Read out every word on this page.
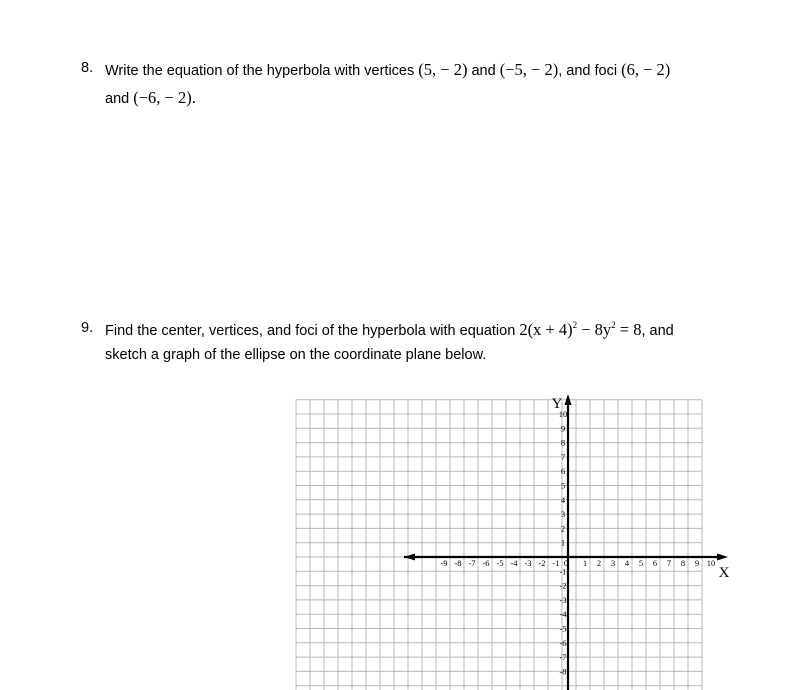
8. Write the equation of the hyperbola with vertices (5, − 2) and (−5, − 2), and foci (6, − 2)
and (−6, − 2).
9. Find the center, vertices, and foci of the hyperbola with equation $2(x + 4)^2 - 8y^2 = 8$, and
sketch a graph of the ellipse on the coordinate plane below.
X
Y
-9 -8 -7 -6 -5 -4 -3 -2 -1 0 1 2 3 4 5 6 7 8 9 10
10
9
8
7
6
5
4
3
2
1
-1
-2
-3
-4
-5
-6
-7
-8
